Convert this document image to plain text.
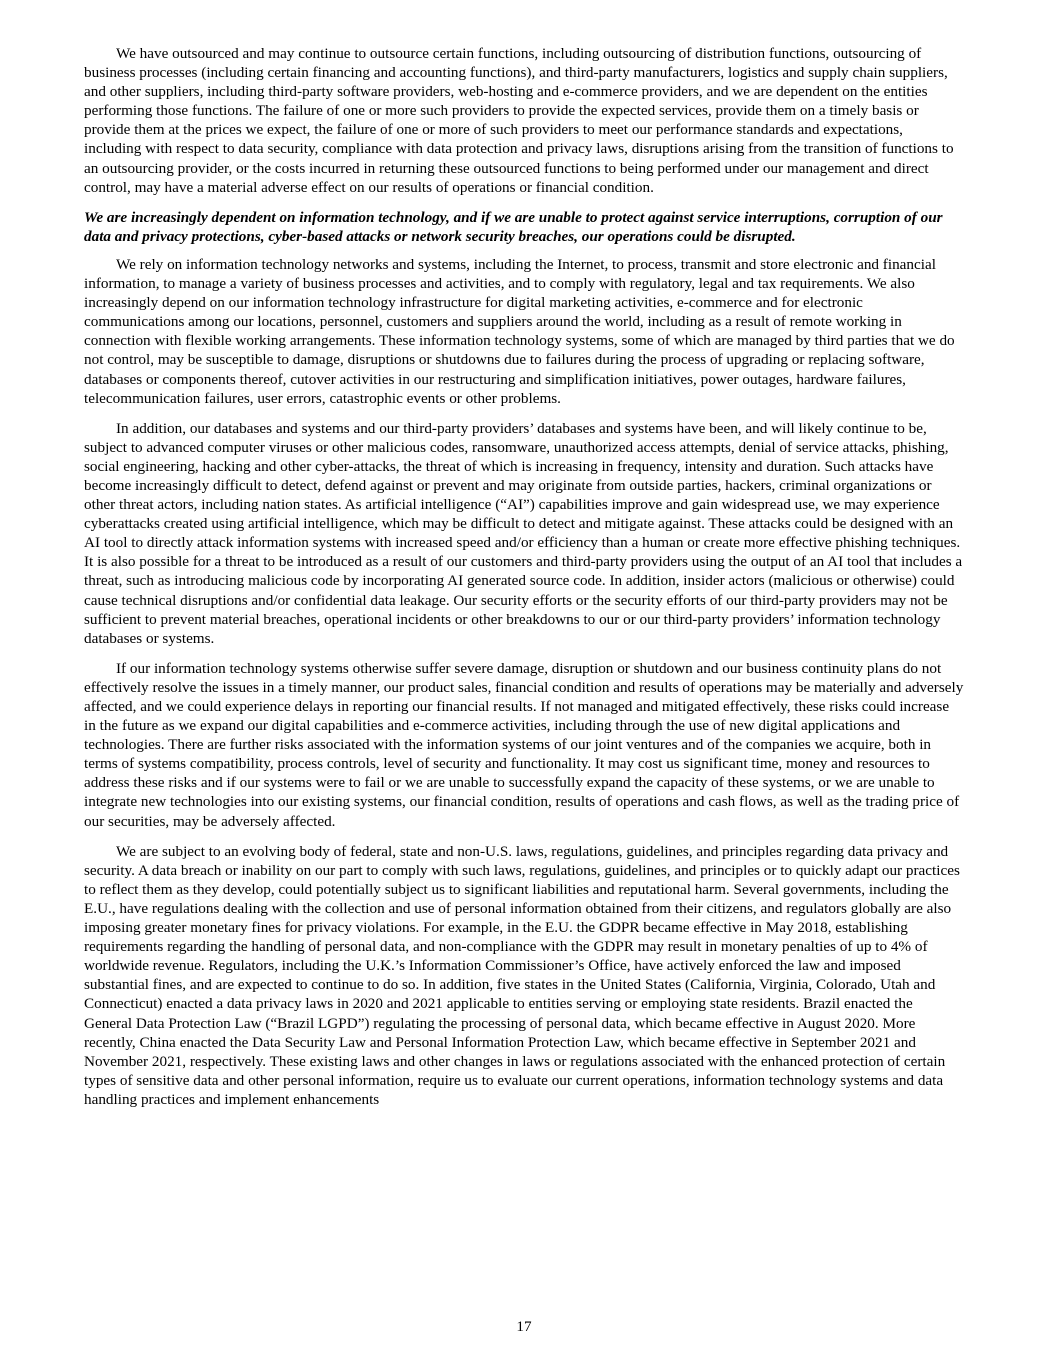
We have outsourced and may continue to outsource certain functions, including outsourcing of distribution functions, outsourcing of business processes (including certain financing and accounting functions), and third-party manufacturers, logistics and supply chain suppliers, and other suppliers, including third-party software providers, web-hosting and e-commerce providers, and we are dependent on the entities performing those functions. The failure of one or more such providers to provide the expected services, provide them on a timely basis or provide them at the prices we expect, the failure of one or more of such providers to meet our performance standards and expectations, including with respect to data security, compliance with data protection and privacy laws, disruptions arising from the transition of functions to an outsourcing provider, or the costs incurred in returning these outsourced functions to being performed under our management and direct control, may have a material adverse effect on our results of operations or financial condition.

We are increasingly dependent on information technology, and if we are unable to protect against service interruptions, corruption of our data and privacy protections, cyber-based attacks or network security breaches, our operations could be disrupted.

We rely on information technology networks and systems, including the Internet, to process, transmit and store electronic and financial information, to manage a variety of business processes and activities, and to comply with regulatory, legal and tax requirements. We also increasingly depend on our information technology infrastructure for digital marketing activities, e-commerce and for electronic communications among our locations, personnel, customers and suppliers around the world, including as a result of remote working in connection with flexible working arrangements. These information technology systems, some of which are managed by third parties that we do not control, may be susceptible to damage, disruptions or shutdowns due to failures during the process of upgrading or replacing software, databases or components thereof, cutover activities in our restructuring and simplification initiatives, power outages, hardware failures, telecommunication failures, user errors, catastrophic events or other problems.

In addition, our databases and systems and our third-party providers’ databases and systems have been, and will likely continue to be, subject to advanced computer viruses or other malicious codes, ransomware, unauthorized access attempts, denial of service attacks, phishing, social engineering, hacking and other cyber-attacks, the threat of which is increasing in frequency, intensity and duration. Such attacks have become increasingly difficult to detect, defend against or prevent and may originate from outside parties, hackers, criminal organizations or other threat actors, including nation states. As artificial intelligence (“AI”) capabilities improve and gain widespread use, we may experience cyberattacks created using artificial intelligence, which may be difficult to detect and mitigate against. These attacks could be designed with an AI tool to directly attack information systems with increased speed and/or efficiency than a human or create more effective phishing techniques. It is also possible for a threat to be introduced as a result of our customers and third-party providers using the output of an AI tool that includes a threat, such as introducing malicious code by incorporating AI generated source code. In addition, insider actors (malicious or otherwise) could cause technical disruptions and/or confidential data leakage. Our security efforts or the security efforts of our third-party providers may not be sufficient to prevent material breaches, operational incidents or other breakdowns to our or our third-party providers’ information technology databases or systems.

If our information technology systems otherwise suffer severe damage, disruption or shutdown and our business continuity plans do not effectively resolve the issues in a timely manner, our product sales, financial condition and results of operations may be materially and adversely affected, and we could experience delays in reporting our financial results. If not managed and mitigated effectively, these risks could increase in the future as we expand our digital capabilities and e-commerce activities, including through the use of new digital applications and technologies. There are further risks associated with the information systems of our joint ventures and of the companies we acquire, both in terms of systems compatibility, process controls, level of security and functionality. It may cost us significant time, money and resources to address these risks and if our systems were to fail or we are unable to successfully expand the capacity of these systems, or we are unable to integrate new technologies into our existing systems, our financial condition, results of operations and cash flows, as well as the trading price of our securities, may be adversely affected.

We are subject to an evolving body of federal, state and non-U.S. laws, regulations, guidelines, and principles regarding data privacy and security. A data breach or inability on our part to comply with such laws, regulations, guidelines, and principles or to quickly adapt our practices to reflect them as they develop, could potentially subject us to significant liabilities and reputational harm. Several governments, including the E.U., have regulations dealing with the collection and use of personal information obtained from their citizens, and regulators globally are also imposing greater monetary fines for privacy violations. For example, in the E.U. the GDPR became effective in May 2018, establishing requirements regarding the handling of personal data, and non-compliance with the GDPR may result in monetary penalties of up to 4% of worldwide revenue. Regulators, including the U.K.’s Information Commissioner’s Office, have actively enforced the law and imposed substantial fines, and are expected to continue to do so. In addition, five states in the United States (California, Virginia, Colorado, Utah and Connecticut) enacted a data privacy laws in 2020 and 2021 applicable to entities serving or employing state residents. Brazil enacted the General Data Protection Law (“Brazil LGPD”) regulating the processing of personal data, which became effective in August 2020. More recently, China enacted the Data Security Law and Personal Information Protection Law, which became effective in September 2021 and November 2021, respectively. These existing laws and other changes in laws or regulations associated with the enhanced protection of certain types of sensitive data and other personal information, require us to evaluate our current operations, information technology systems and data handling practices and implement enhancements

17
